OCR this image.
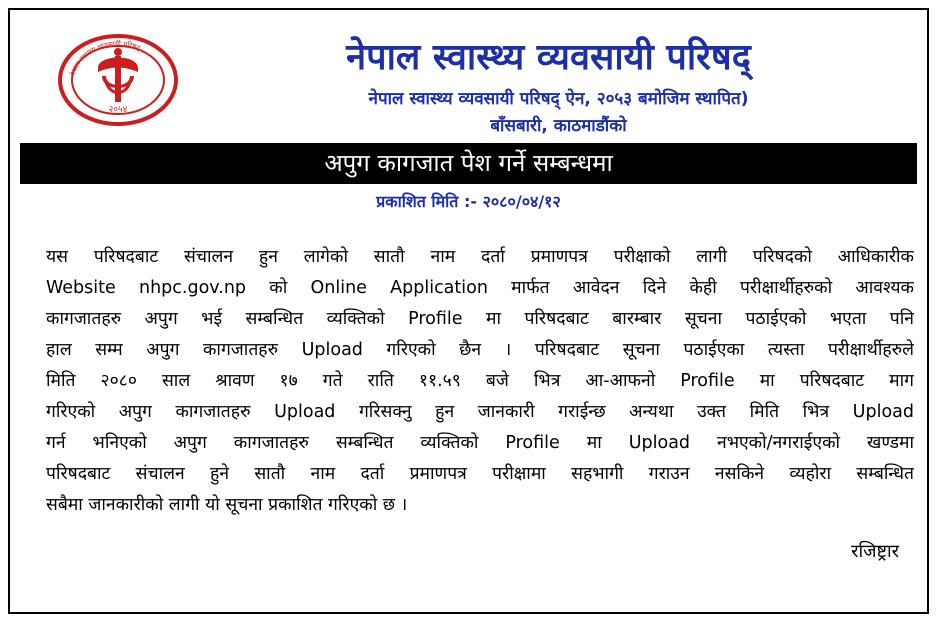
नेपाल स्वास्थ्य व्यवसायी परिषद्
२०५४
नेपाल स्वास्थ्य व्यवसायी परिषद्
नेपाल स्वास्थ्य व्यवसायी परिषद् ऐन, २०५३ बमोजिम स्थापित)
बाँसबारी, काठमाडौंको
अपुग कागजात पेश गर्ने सम्बन्धमा
प्रकाशित मिति :- २०८०/०४/१२
यस परिषदबाट संचालन हुन लागेको सातौ नाम दर्ता प्रमाणपत्र परीक्षाको लागी परिषदको आधिकारीक
Website nhpc.gov.np को Online Application मार्फत आवेदन दिने केही परीक्षार्थीहरुको आवश्यक
कागजातहरु अपुग भई सम्बन्धित व्यक्तिको Profile मा परिषदबाट बारम्बार सूचना पठाईएको भएता पनि
हाल सम्म अपुग कागजातहरु Upload गरिएको छैन । परिषदबाट सूचना पठाईएका त्यस्ता परीक्षार्थीहरुले
मिति २०८० साल श्रावण १७ गते राति ११.५९ बजे भित्र आ-आफनो Profile मा परिषदबाट माग
गरिएको अपुग कागजातहरु Upload गरिसक्नु हुन जानकारी गराईन्छ अन्यथा उक्त मिति भित्र Upload
गर्न भनिएको अपुग कागजातहरु सम्बन्धित व्यक्तिको Profile मा Upload नभएको/नगराईएको खण्डमा
परिषदबाट संचालन हुने सातौ नाम दर्ता प्रमाणपत्र परीक्षामा सहभागी गराउन नसकिने व्यहोरा सम्बन्धित
सबैमा जानकारीको लागी यो सूचना प्रकाशित गरिएको छ ।
रजिष्ट्रार
